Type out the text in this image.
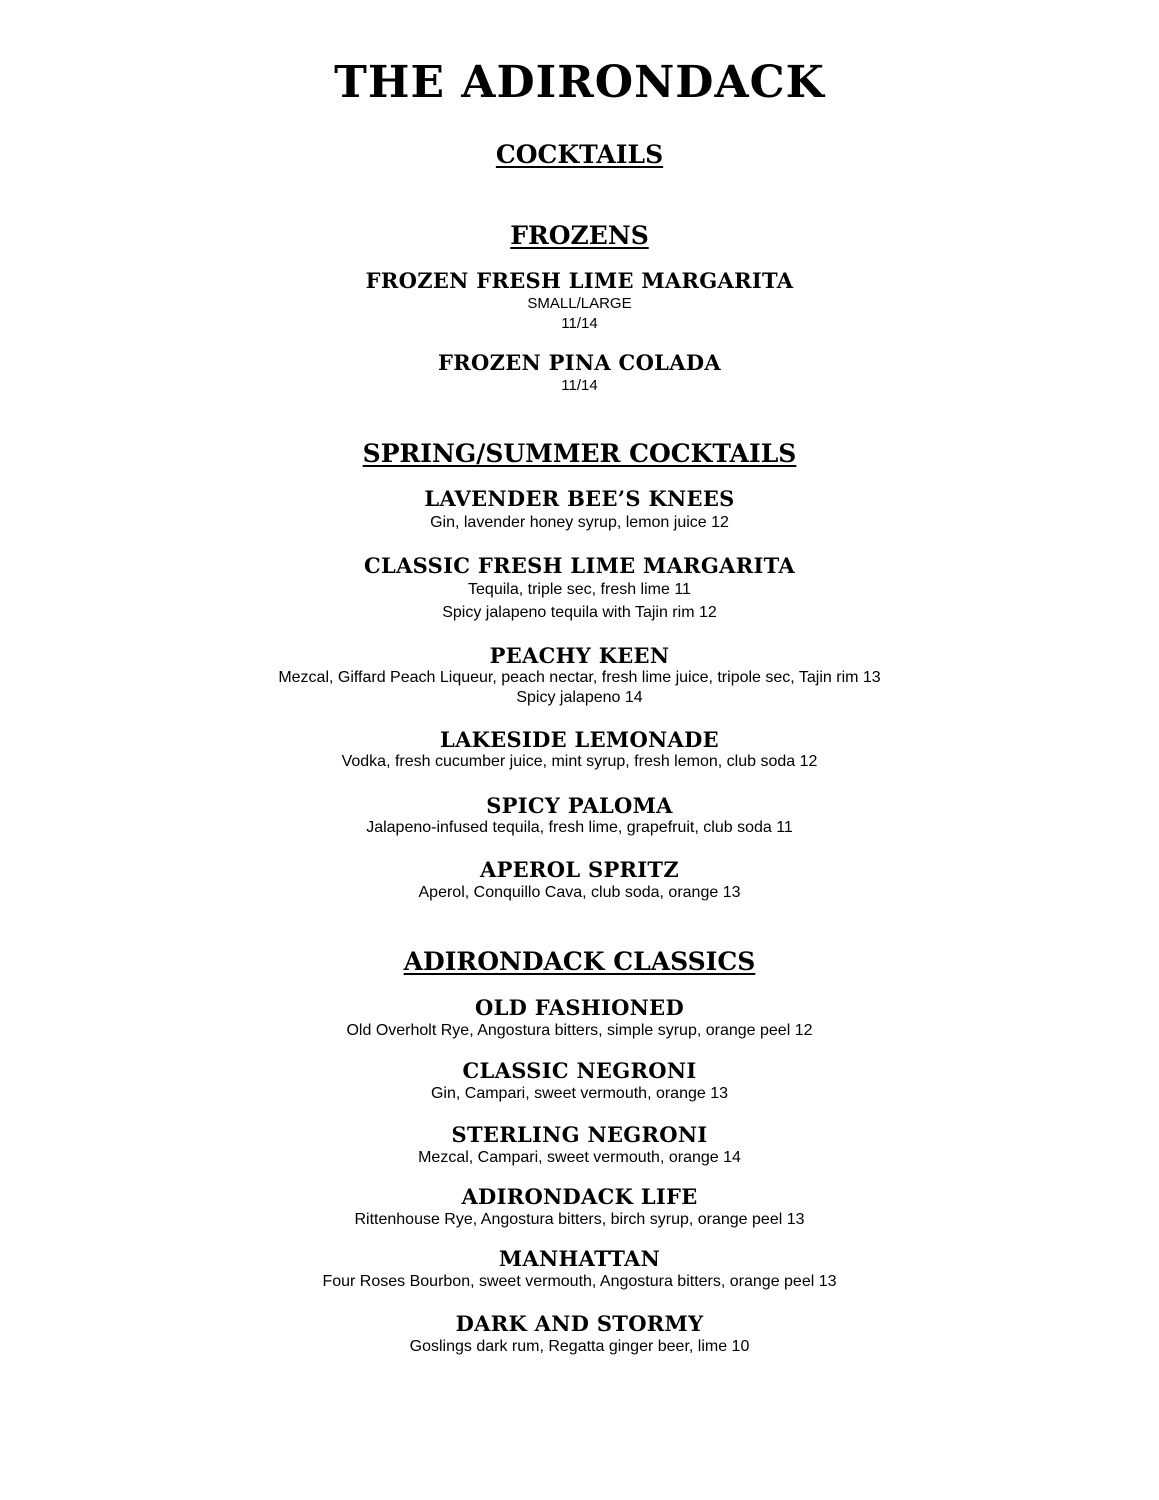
THE ADIRONDACK
COCKTAILS
FROZENS
FROZEN FRESH LIME MARGARITA
SMALL/LARGE
11/14
FROZEN PINA COLADA
11/14
SPRING/SUMMER COCKTAILS
LAVENDER BEE’S KNEES
Gin, lavender honey syrup, lemon juice 12
CLASSIC FRESH LIME MARGARITA
Tequila, triple sec, fresh lime 11
Spicy jalapeno tequila with Tajin rim 12
PEACHY KEEN
Mezcal, Giffard Peach Liqueur, peach nectar, fresh lime juice, tripole sec, Tajin rim 13
Spicy jalapeno 14
LAKESIDE LEMONADE
Vodka, fresh cucumber juice, mint syrup, fresh lemon, club soda 12
SPICY PALOMA
Jalapeno-infused tequila, fresh lime, grapefruit, club soda 11
APEROL SPRITZ
Aperol, Conquillo Cava, club soda, orange 13
ADIRONDACK CLASSICS
OLD FASHIONED
Old Overholt Rye, Angostura bitters, simple syrup, orange peel 12
CLASSIC NEGRONI
Gin, Campari, sweet vermouth, orange 13
STERLING NEGRONI
Mezcal, Campari, sweet vermouth, orange 14
ADIRONDACK LIFE
Rittenhouse Rye, Angostura bitters, birch syrup, orange peel 13
MANHATTAN
Four Roses Bourbon, sweet vermouth, Angostura bitters, orange peel 13
DARK AND STORMY
Goslings dark rum, Regatta ginger beer, lime 10
